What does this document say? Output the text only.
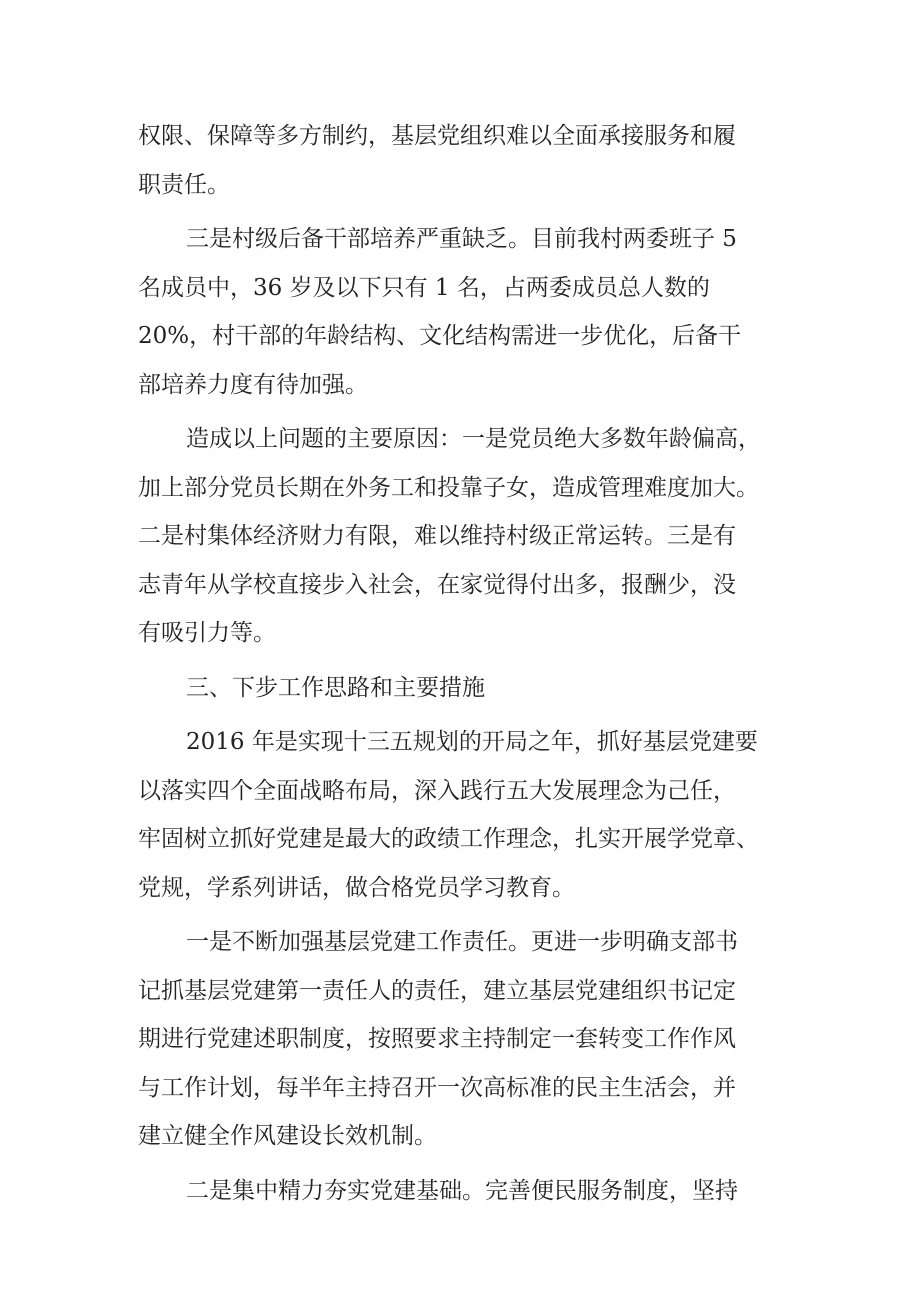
权限、保障等多方制约，基层党组织难以全面承接服务和履
职责任。
三是村级后备干部培养严重缺乏。目前我村两委班子 5
名成员中，36 岁及以下只有 1 名，占两委成员总人数的
20%，村干部的年龄结构、文化结构需进一步优化，后备干
部培养力度有待加强。
造成以上问题的主要原因：一是党员绝大多数年龄偏高，
加上部分党员长期在外务工和投靠子女，造成管理难度加大。
二是村集体经济财力有限，难以维持村级正常运转。三是有
志青年从学校直接步入社会，在家觉得付出多，报酬少，没
有吸引力等。
三、下步工作思路和主要措施
2016 年是实现十三五规划的开局之年，抓好基层党建要
以落实四个全面战略布局，深入践行五大发展理念为己任，
牢固树立抓好党建是最大的政绩工作理念，扎实开展学党章、
党规，学系列讲话，做合格党员学习教育。
一是不断加强基层党建工作责任。更进一步明确支部书
记抓基层党建第一责任人的责任，建立基层党建组织书记定
期进行党建述职制度，按照要求主持制定一套转变工作作风
与工作计划，每半年主持召开一次高标准的民主生活会，并
建立健全作风建设长效机制。
二是集中精力夯实党建基础。完善便民服务制度，坚持
